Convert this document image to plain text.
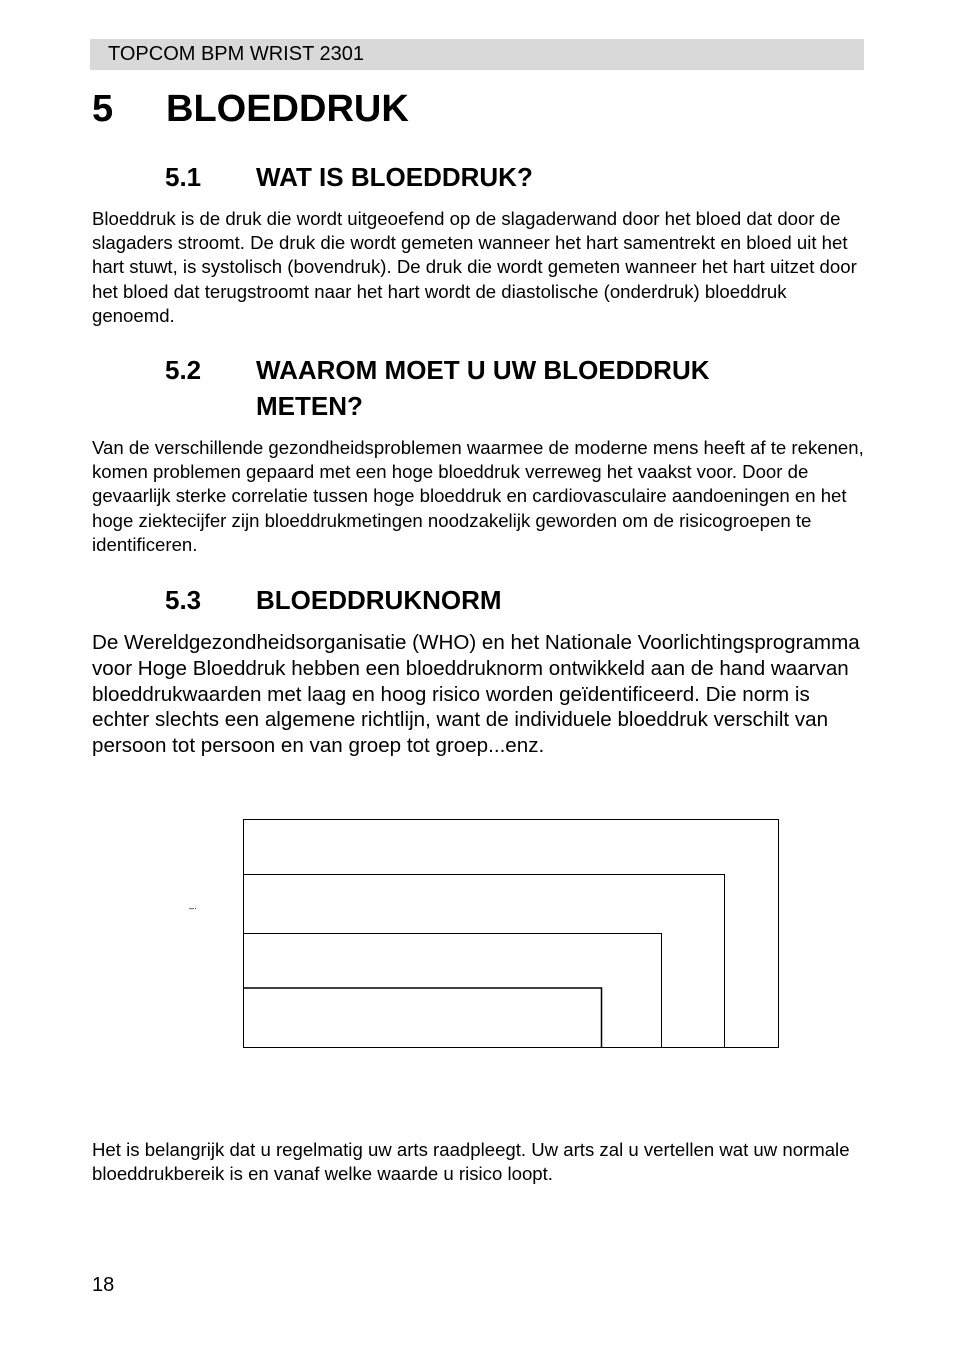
TOPCOM BPM WRIST 2301
5 BLOEDDRUK
5.1 WAT IS BLOEDDRUK?

Bloeddruk is de druk die wordt uitgeoefend op de slagaderwand door het bloed dat door de slagaders stroomt. De druk die wordt gemeten wanneer het hart samentrekt en bloed uit het hart stuwt, is systolisch (bovendruk). De druk die wordt gemeten wanneer het hart uitzet door het bloed dat terugstroomt naar het hart wordt de diastolische (onderdruk) bloeddruk genoemd.

5.2 WAAROM MOET U UW BLOEDDRUK METEN?

Van de verschillende gezondheidsproblemen waarmee de moderne mens heeft af te rekenen, komen problemen gepaard met een hoge bloeddruk verreweg het vaakst voor. Door de gevaarlijk sterke correlatie tussen hoge bloeddruk en cardiovasculaire aandoeningen en het hoge ziektecijfer zijn bloeddrukmetingen noodzakelijk geworden om de risicogroepen te identificeren.

5.3 BLOEDDRUKNORM

De Wereldgezondheidsorganisatie (WHO) en het Nationale Voorlichtingsprogramma voor Hoge Bloeddruk hebben een bloeddruknorm ontwikkeld aan de hand waarvan bloeddrukwaarden met laag en hoog risico worden geïdentificeerd. Die norm is echter slechts een algemene richtlijn, want de individuele bloeddruk verschilt van persoon tot persoon en van groep tot groep...enz.

–·

Het is belangrijk dat u regelmatig uw arts raadpleegt. Uw arts zal u vertellen wat uw normale bloeddrukbereik is en vanaf welke waarde u risico loopt.

18
